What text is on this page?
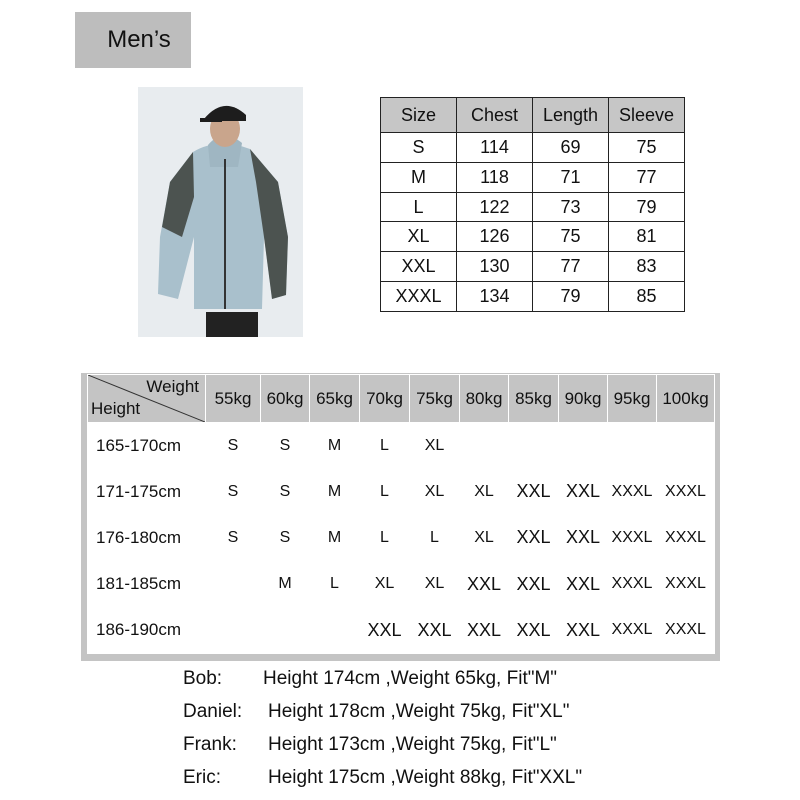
Men’s
Size	Chest	Length	Sleeve
S	114	69	75
M	118	71	77
L	122	73	79
XL	126	75	81
XXL	130	77	83
XXXL	134	79	85
Weight
Height	55kg	60kg	65kg	70kg	75kg	80kg	85kg	90kg	95kg	100kg
165-170cm	S	S	M	L	XL					
171-175cm	S	S	M	L	XL	XL	XXL	XXL	XXXL	XXXL
176-180cm	S	S	M	L	L	XL	XXL	XXL	XXXL	XXXL
181-185cm		M	L	XL	XL	XXL	XXL	XXL	XXXL	XXXL
186-190cm				XXL	XXL	XXL	XXL	XXL	XXXL	XXXL
Bob: Height 174cm ,Weight 65kg, Fit"M"
Daniel: Height 178cm ,Weight 75kg, Fit"XL"
Frank: Height 173cm ,Weight 75kg, Fit"L"
Eric: Height 175cm ,Weight 88kg, Fit"XXL"
